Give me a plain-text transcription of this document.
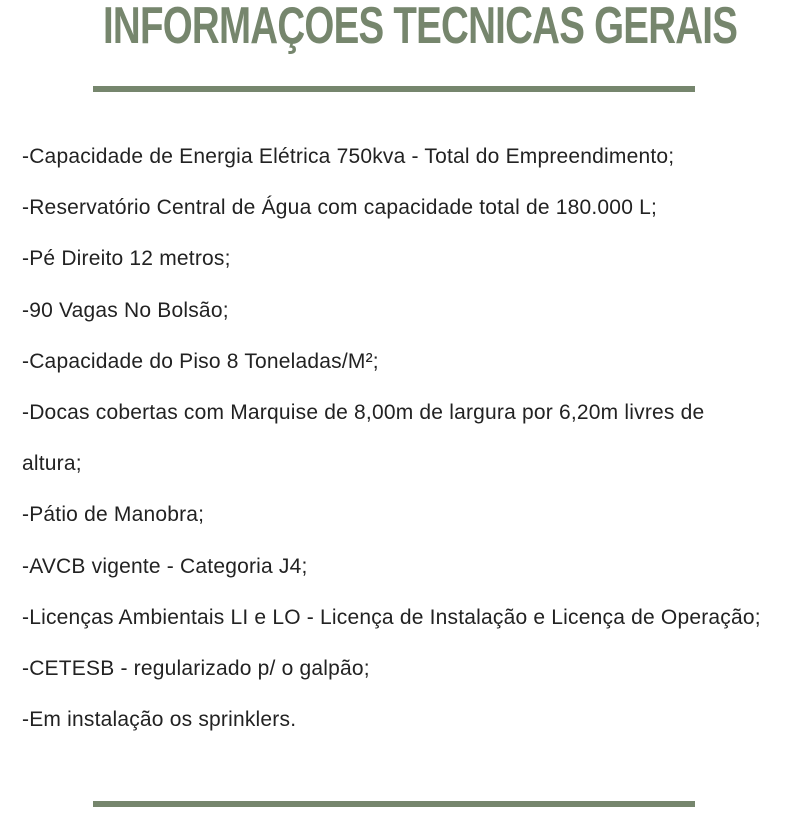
INFORMAÇOES TECNICAS GERAIS
-Capacidade de Energia Elétrica 750kva - Total do Empreendimento;
-Reservatório Central de Água com capacidade total de 180.000 L;
-Pé Direito 12 metros;
-90 Vagas No Bolsão;
-Capacidade do Piso 8 Toneladas/M²;
-Docas cobertas com Marquise de 8,00m de largura por 6,20m livres de altura;
-Pátio de Manobra;
-AVCB vigente - Categoria J4;
-Licenças Ambientais LI e LO - Licença de Instalação e Licença de Operação;
-CETESB - regularizado p/ o galpão;
-Em instalação os sprinklers.
